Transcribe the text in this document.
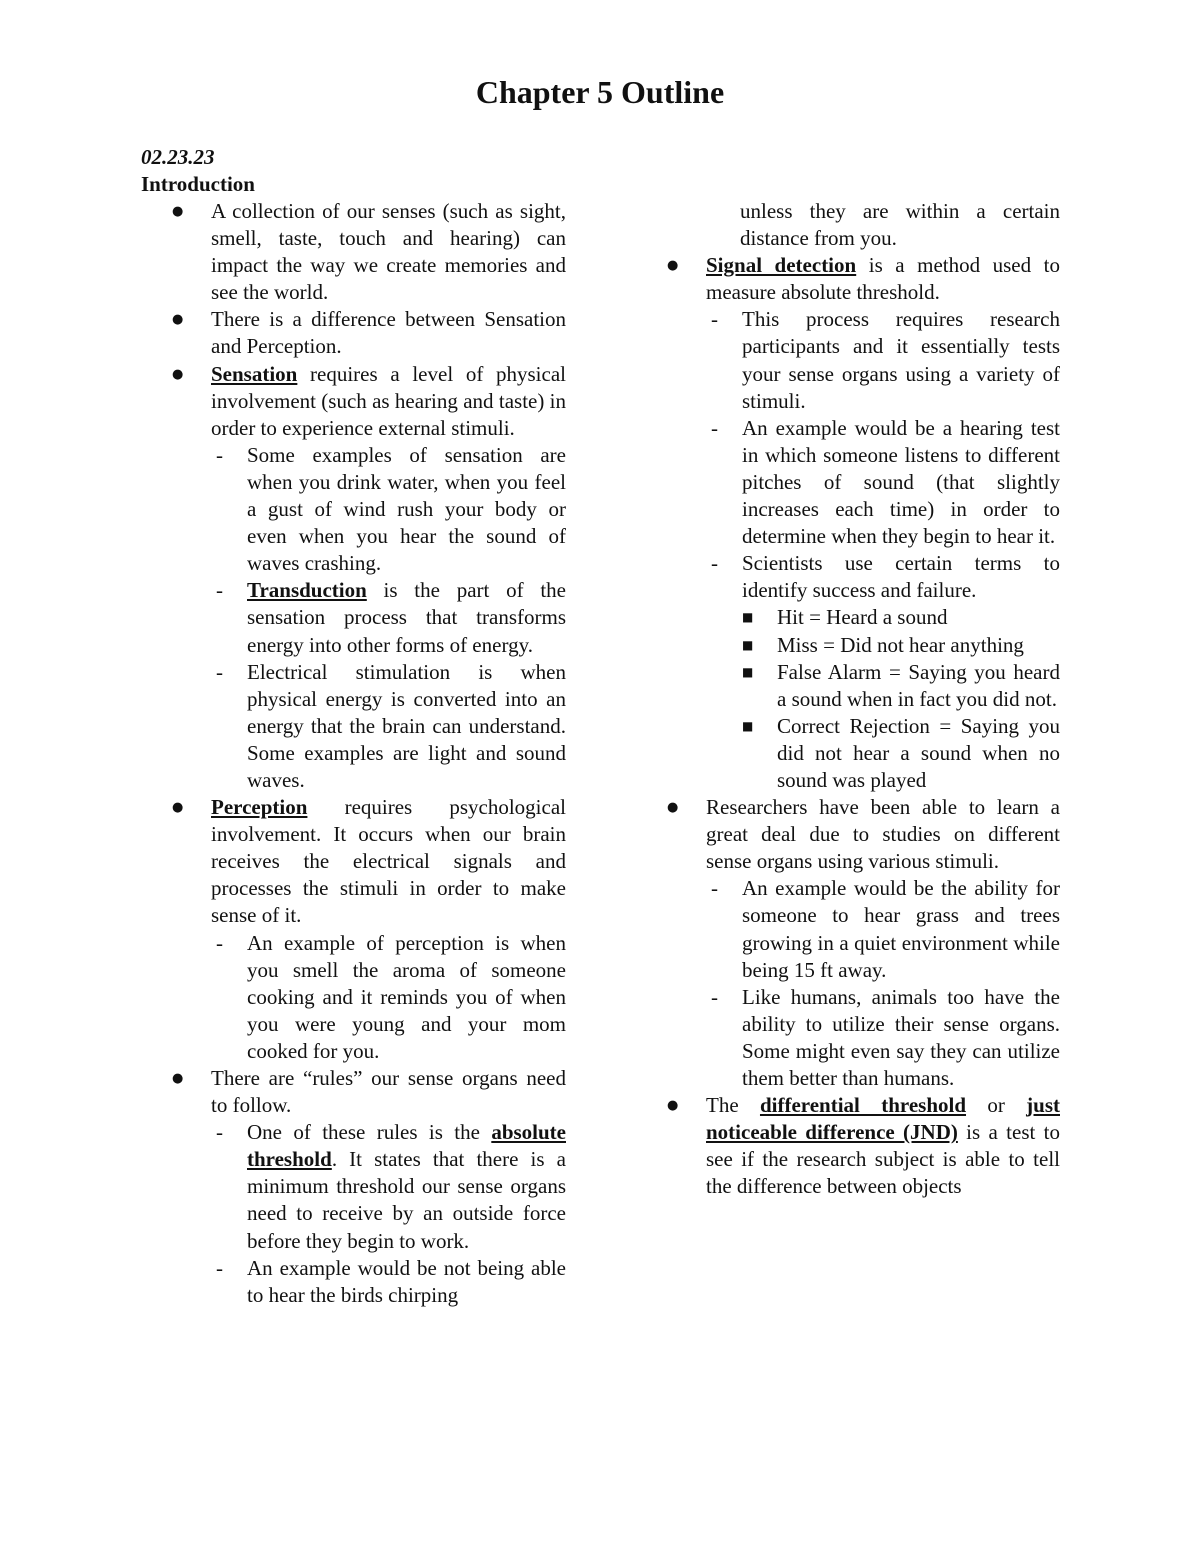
Chapter 5 Outline
02.23.23
Introduction
● A collection of our senses (such as sight, smell, taste, touch and hearing) can impact the way we create memories and see the world.
● There is a difference between Sensation and Perception.
● Sensation requires a level of physical involvement (such as hearing and taste) in order to experience external stimuli.
- Some examples of sensation are when you drink water, when you feel a gust of wind rush your body or even when you hear the sound of waves crashing.
- Transduction is the part of the sensation process that transforms energy into other forms of energy.
- Electrical stimulation is when physical energy is converted into an energy that the brain can understand. Some examples are light and sound waves.
● Perception requires psychological involvement. It occurs when our brain receives the electrical signals and processes the stimuli in order to make sense of it.
- An example of perception is when you smell the aroma of someone cooking and it reminds you of when you were young and your mom cooked for you.
● There are “rules” our sense organs need to follow.
- One of these rules is the absolute threshold. It states that there is a minimum threshold our sense organs need to receive by an outside force before they begin to work.
- An example would be not being able to hear the birds chirping
unless they are within a certain distance from you.
● Signal detection is a method used to measure absolute threshold.
- This process requires research participants and it essentially tests your sense organs using a variety of stimuli.
- An example would be a hearing test in which someone listens to different pitches of sound (that slightly increases each time) in order to determine when they begin to hear it.
- Scientists use certain terms to identify success and failure.
■ Hit = Heard a sound
■ Miss = Did not hear anything
■ False Alarm = Saying you heard a sound when in fact you did not.
■ Correct Rejection = Saying you did not hear a sound when no sound was played
● Researchers have been able to learn a great deal due to studies on different sense organs using various stimuli.
- An example would be the ability for someone to hear grass and trees growing in a quiet environment while being 15 ft away.
- Like humans, animals too have the ability to utilize their sense organs. Some might even say they can utilize them better than humans.
● The differential threshold or just noticeable difference (JND) is a test to see if the research subject is able to tell the difference between objects
